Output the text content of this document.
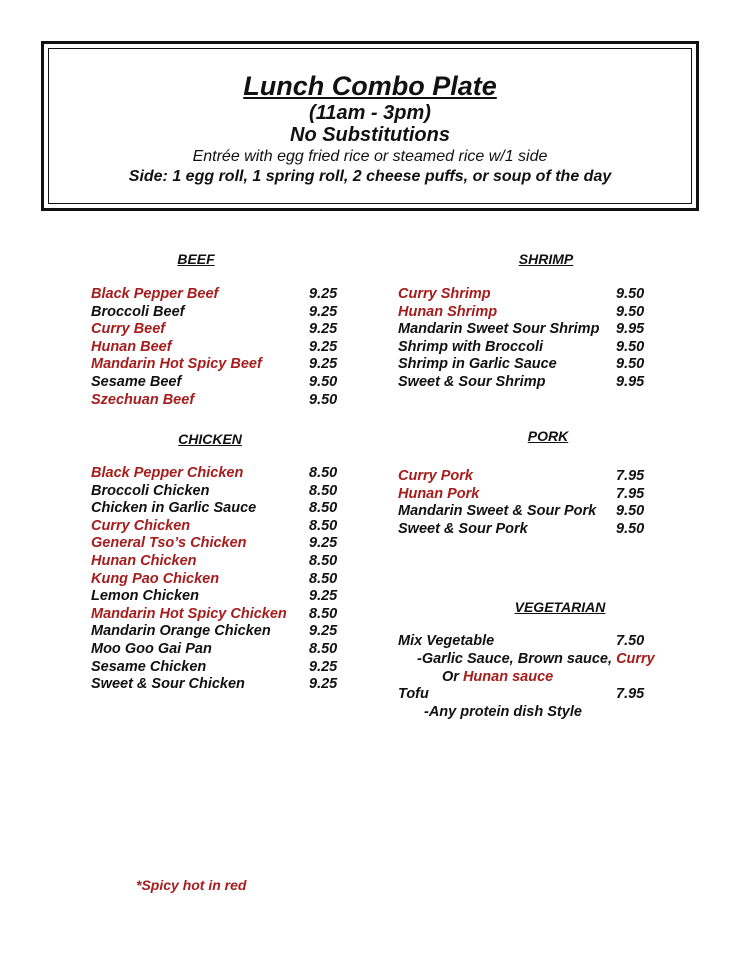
Lunch Combo Plate
(11am - 3pm)
No Substitutions
Entrée with egg fried rice or steamed rice w/1 side
Side: 1 egg roll, 1 spring roll, 2 cheese puffs, or soup of the day
BEEF
CHICKEN
SHRIMP
PORK
VEGETARIAN
Black Pepper Beef	9.25
Broccoli Beef	9.25
Curry Beef	9.25
Hunan Beef	9.25
Mandarin Hot Spicy Beef	9.25
Sesame Beef	9.50
Szechuan Beef	9.50
Black Pepper Chicken	8.50
Broccoli Chicken	8.50
Chicken in Garlic Sauce	8.50
Curry Chicken	8.50
General Tso’s Chicken	9.25
Hunan Chicken	8.50
Kung Pao Chicken	8.50
Lemon Chicken	9.25
Mandarin Hot Spicy Chicken 8.50
Mandarin Orange Chicken	9.25
Moo Goo Gai Pan	8.50
Sesame Chicken	9.25
Sweet & Sour Chicken	9.25
Curry Shrimp	9.50
Hunan Shrimp	9.50
Mandarin Sweet Sour Shrimp 9.95
Shrimp with Broccoli	9.50
Shrimp in Garlic Sauce	9.50
Sweet & Sour Shrimp	9.95
Curry Pork	7.95
Hunan Pork	7.95
Mandarin Sweet & Sour Pork 9.50
Sweet & Sour Pork	9.50
Mix Vegetable	7.50
-Garlic Sauce, Brown sauce, Curry
Or Hunan sauce
Tofu	7.95
-Any protein dish Style
*Spicy hot in red
